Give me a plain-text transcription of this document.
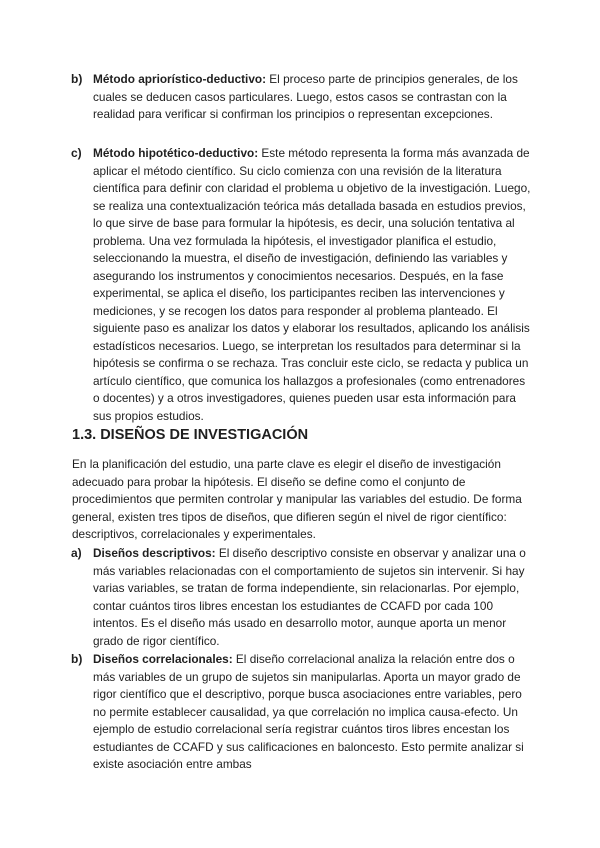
b) Método apriorístico-deductivo: El proceso parte de principios generales, de los cuales se deducen casos particulares. Luego, estos casos se contrastan con la realidad para verificar si confirman los principios o representan excepciones.

c) Método hipotético-deductivo: Este método representa la forma más avanzada de aplicar el método científico. Su ciclo comienza con una revisión de la literatura científica para definir con claridad el problema u objetivo de la investigación. Luego, se realiza una contextualización teórica más detallada basada en estudios previos, lo que sirve de base para formular la hipótesis, es decir, una solución tentativa al problema. Una vez formulada la hipótesis, el investigador planifica el estudio, seleccionando la muestra, el diseño de investigación, definiendo las variables y asegurando los instrumentos y conocimientos necesarios. Después, en la fase experimental, se aplica el diseño, los participantes reciben las intervenciones y mediciones, y se recogen los datos para responder al problema planteado. El siguiente paso es analizar los datos y elaborar los resultados, aplicando los análisis estadísticos necesarios. Luego, se interpretan los resultados para determinar si la hipótesis se confirma o se rechaza. Tras concluir este ciclo, se redacta y publica un artículo científico, que comunica los hallazgos a profesionales (como entrenadores o docentes) y a otros investigadores, quienes pueden usar esta información para sus propios estudios.

1.3. DISEÑOS DE INVESTIGACIÓN

En la planificación del estudio, una parte clave es elegir el diseño de investigación adecuado para probar la hipótesis. El diseño se define como el conjunto de procedimientos que permiten controlar y manipular las variables del estudio. De forma general, existen tres tipos de diseños, que difieren según el nivel de rigor científico: descriptivos, correlacionales y experimentales.

a) Diseños descriptivos: El diseño descriptivo consiste en observar y analizar una o más variables relacionadas con el comportamiento de sujetos sin intervenir. Si hay varias variables, se tratan de forma independiente, sin relacionarlas. Por ejemplo, contar cuántos tiros libres encestan los estudiantes de CCAFD por cada 100 intentos. Es el diseño más usado en desarrollo motor, aunque aporta un menor grado de rigor científico.

b) Diseños correlacionales: El diseño correlacional analiza la relación entre dos o más variables de un grupo de sujetos sin manipularlas. Aporta un mayor grado de rigor científico que el descriptivo, porque busca asociaciones entre variables, pero no permite establecer causalidad, ya que correlación no implica causa-efecto. Un ejemplo de estudio correlacional sería registrar cuántos tiros libres encestan los estudiantes de CCAFD y sus calificaciones en baloncesto. Esto permite analizar si existe asociación entre ambas
